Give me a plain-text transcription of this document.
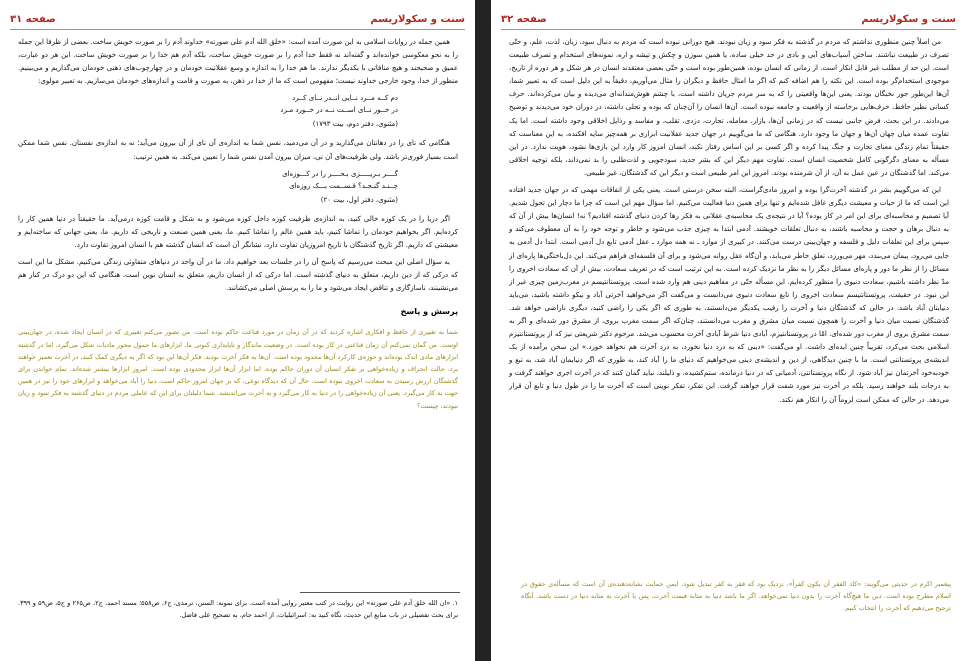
سنت و سکولاریسم
صفحه ۳۱

همین جمله در روایات اسلامی به این صورت آمده است: «خلق الله آدم علی صورته» خداوند آدم را بر صورت خویش ساخت. بعضی از ظرفا این جمله را به نحو معکوسی خوانده‌اند و گفته‌اند نه فقط خدا آدم را بر صورت خویش ساخت، بلکه آدم هم خدا را بر صورت خویش ساخت. این هر دو عبارت، عمیق و صحیحند و هیچ منافاتی با یکدیگر ندارند. ما هم خدا را به اندازه و وسع عقلانیت خودمان و در چهارچوب‌های ذهنی خودمان می‌گذاریم و می‌بینیم. منظور از خدا، وجود خارجی خداوند نیست؛ مفهومی است که ما از خدا در ذهن، به صورت و قامت و اندازه‌های خودمان می‌سازیم. به تعبیر مولوی:

دم کــه مــرد نــایی انــدر نــای کــرد
در خــور نــای اســت نــه در خــورد مـرد
(مثنوی، دفتر دوم، بیت ۱۷۹۳)

هنگامی که نای را در دهانتان می‌گذارید و در آن می‌دمید، نفس شما به اندازه‌ی آن نای از آن بیرون می‌آید؛ نه به اندازه‌ی نفستان. نفس شما ممکن است بسیار فوری‌تر باشد. ولی ظرفیت‌های آن نی، میزان بیرون آمدن نفس شما را تعیین می‌کند. به همین ترتیب:

گــــر بـریـــــزی بـحــــر را در کـــوزه‌ای
چــنـد گنـجـد؟ قـســمت یـــک روزه‌ای
(مثنوی، دفتر اول، بیت ۲۰)

اگر دریا را در یک کوزه خالی کنید، به اندازه‌ی ظرفیت کوزه داخل کوزه می‌شود و به شکل و قامت کوزه درمی‌آید. ما حقیقتاً در دنیا همین کار را کرده‌ایم. اگر بخواهیم خودمان را تماشا کنیم، باید همین عالم را تماشا کنیم. ما، یعنی همین صنعت و تاریخی که داریم. ما، یعنی جهانی که ساخته‌ایم و معیشتی که داریم. اگر تاریخ گذشتگان با تاریخ امروزیان تفاوت دارد، نشانگر آن است که انسان گذشته هم با انسان امروز تفاوت دارد.

به سؤال اصلی این مبحث می‌رسیم که پاسخ آن را در جلسات بعد خواهیم داد. ما در آن واحد در دنیاهای متفاوتی زندگی می‌کنیم. مشکل ما این است که درکی که از دین داریم، متعلق به دنیای گذشته است. اما درکی که از انسان داریم، متعلق به انسان نوین است. هنگامی که این دو درک در کنار هم می‌نشینند، ناسازگاری و تناقض ایجاد می‌شود و ما را به پرسش اصلی می‌کشانند.

پرسش و پاسخ
شما به تغییری از حافظ و افکاری اشاره کردید که در آن زمان در مورد قناعت حاکم بوده است. من تصور می‌کنم تغییری که در انسان ایجاد شده، در جهان‌بینی اوست. من گمان نمی‌کنم آن زمان قناعتی در کار بوده است. در وضعیت ماندگار و ناپایداری کنونی ما، ابزارهای ما حمول محور مادیات شکل می‌گیرد. اما در گذشته ابزارهای مادی اندک بوده‌اند و حوزه‌ی کارکرد آن‌ها محدود بوده است. آن‌ها به فکر آخرت بودند. فکر آن‌ها این بود که اگر به دیگری کمک کنند، در آخرت تعمیر خواهند برد. حالت انحراف و زیاده‌خواهی بر تفکر انسان آن دوران حاکم بوده. اما ابزار آن‌ها ابزار محدودی بوده است. امروز ابزارها بیشتر شده‌اند. تمام خواندن برای گذشتگان ارزش رسیدن به سعادت اخروی نبوده است. حال آن که دیدگاه نوعی، که بر جهان امروز حاکم است، دنیا را آباد می‌خواهد و ابزارهای خود را نیز در همین جهت به کار می‌گیرد. یعنی آن زیاده‌خواهی را در دنیا به کار می‌گیرد و به آخرت می‌اندیشد. شما دلیلتان برای این که عاملی مردم در دنیای گذشته به فکر سود و زیان نبودند، چیست؟
۱. «ان الله خلق آدم علی صورته» این روایت در کتب معتبر روایی آمده است. برای نمونه: السنن، ترمذی، ج۶، ص۵۵۸؛ مسند احمد، ج۲، ص۲۶۵ و ج۵، ص۵۹ و ۳۹۹. برای بحث تفصیلی در باب منابع این حدیث، نگاه کنید به: اسرائیلیات، از احمد جام، به تصحیح علی فاضل.
سنت و سکولاریسم
صفحه ۳۲

من اصلاً چنین منظوری نداشتم که مردم در گذشته به فکر سود و زیان نبودند. هیچ دورانی نبوده است که مردم به دنبال سود، زیان، لذت، علم، و حتّی تصرف در طبیعت نباشند. ساختن آسیاب‌های آبی و بادی در حد خیلی ساده، یا همین سوزن و چکش و تیشه و اره، نمونه‌های استخدام و تصرف طبیعت است. این حد از مطلب غیر قابل انکار است. از زمانی که انسان بوده، همین‌طور بوده است و حتّی بعضی معتقدند انسان در هر شکل و هر دوره از تاریخ، موجودی استخدام‌گر بوده است. این نکته را هم اضافه کنم که اگر ما امثال حافظ و دیگران را مثال می‌آوریم، دقیقاً به این دلیل است که به تعبیر شما، آن‌ها این‌طور جور نخبگان بودند. یعنی این‌ها واقعیتی را که به سر مردم جریان داشته است، با چشم هوش‌مندانه‌ای می‌دیده و بیان می‌کرده‌اند. حرف کسانی نظیر حافظ، حرف‌هایی برخاسته از واقعیت و جامعه نبوده است. آن‌ها انسان را آن‌چنان که بوده و تجلی داشته، در دوران خود می‌دیدند و توضیح می‌دادند. در این بحث، فرض جانبی نیست که در زمانی آن‌ها، بازار، معامله، تجارت، دزدی، تقلب، و مفاسد و رذایل اخلاقی وجود داشته است. اما یک تفاوت عمده میان جهان آن‌ها و جهان ما وجود دارد. هنگامی که ما می‌گوییم در جهان جدید عقلانیت ابزاری بر همه‌چیز سایه افکنده، به این معناست که حقیقتاً تمام زندگی معنای تجارت و جنگ پیدا کرده و اگر کسی بر این اساس رفتار نکند، انسان امروز کار وارد این بازی‌ها نشود، هویت ندارد. در این مسأله به معنای دگرگونی کامل شخصیت انسان است. تفاوت مهم دیگر این که بشر جدید، سودجویی و لذت‌طلبی را بد نمی‌داند، بلکه توجیه اخلاقی می‌کند. اما گذشتگان در عین عمل به آن، از آن شرمنده بودند. امروز این امر طبیعی است و دیگر این که گذشتگان، غیر طبیعی.

این که می‌گوییم بشر در گذشته آخرت‌گرا بوده و امروز مادی‌گراست، البته سخن درستی است. یعنی یکی از اتفاقات مهمی که در جهان جدید افتاده این است که ما از حیات و معیشت دیگری غافل شده‌ایم و تنها برای همین دنیا فعالیت می‌کنیم. اما سؤال مهم این است که چرا ما دچار این تحول شدیم. آیا تصمیم و محاسبه‌ای برای این امر در کار بوده؟ آیا در نتیجه‌ی یک محاسبه‌ی عقلانی به فکر رها کردن دنیای گذشته افتادیم؟ نه! انسان‌ها بیش از آن که به دنبال برهان و حجت و محاسبه باشند، به دنبال تعلقات خویشند. آدمی ابتدا به چیزی جذب می‌شود و خاطر و توجه خود را به آن معطوف می‌کند و سپس برای این تعلقات دلیل و فلسفه و جهان‌بینی درست می‌کنند. در کبیری از موارد ـ نه همه موارد ـ عقل آدمی تابع دل آدمی است. ابتدا دل آدمی به جایی می‌رود، پیمان می‌بندد، مهر می‌ورزد، تعلق خاطر می‌یابد، و آن‌گاه عقل روانه می‌شود و برای آن فلسفه‌ای فراهم می‌کند. این دل‌باختگی‌ها پاره‌ای از مسائل را از نظر ما دور و پاره‌ای مسائل دیگر را به نظر ما نزدیک کرده است. به این ترتیب است که در تعریف سعادت، بیش از آن که سعادت اخروی را مدّ نظر داشته باشیم، سعادت دنیوی را منظور کرده‌ایم. این مسأله حتّی در مفاهیم دینی هم وارد شده است. پروتستانتیسم در مغرب‌زمین چیزی غیر از این نبود. در حقیقت، پروتستانتیسم سعادت اخروی را تابع سعادت دنیوی می‌دانست و می‌گفت اگر می‌خواهید آخرتی آباد و نیکو داشته باشید، می‌باید دنیایتان آباد باشد. در حالی که گذشتگان دنیا و آخرت را رقیب یکدیگر می‌دانستند، به طوری که اگر یکی را راضی کنید، دیگری ناراضی خواهد شد. گذشتگان نسبت میان دنیا و آخرت را همچون نسبت میان مشرق و مغرب می‌دانستند، چنان‌که اگر سمت مغرب بروی، از مشرق دور شده‌ای و اگر به سمت مشرق بروی از مغرب دور شده‌ای. امّا در پروتستانتیزم، آبادی دنیا شرط آبادی آخرت محسوب می‌شد. مرحوم دکتر شریعتی نیز که از پروتستانتیزم اسلامی بحث می‌کرد، تقریباً چنین ایده‌ای داشت. او می‌گفت: «دینی که به درد دنیا نخورد، به درد آخرت هم نخواهد خورد.» این سخن برآمده از یک اندیشه‌ی پروتستانتی است. ما با چنین دیدگاهی، از دین و اندیشه‌ی دینی می‌خواهیم که دنیای ما را آباد کند، به طوری که اگر دنیایمان آباد شد، به تبع و خودبه‌خود آخرتمان نیز آباد شود. از نگاه پروتستانتی، آدمیانی که در دنیا درمانده، ستم‌کشیده، و ذلیلند، نباید گمان کنند که در آخرت اجری خواهند گرفت و به درجات بلند خواهند رسید. بلکه در آخرت نیز مورد شفت قرار خواهند گرفت. این تفکر، تفکر نوینی است که آخرت ما را در طول دنیا و تابع آن قرار می‌دهد. در حالی که ممکن است لزوماً آن را انکار هم نکند.

پیغمبر اکرم در حدیثی می‌گویند: «کاد الفقر أن یکون کفراً»، نزدیک بود که فقر به کفر تبدیل شود. ایمن حمایت نشانه‌دهنده‌ی آن است که مسأله‌ی حقوق در اسلام مطرح بوده است. دین ما هیچ‌گاه آخرت را بدون دنیا نمی‌خواهد. اگر ما باشد دنیا به مثابه قیمت آخرت، پس با آخرت به مثابه دنیا در دست باشد. آنگاه ترجیح می‌دهیم که آخرت را انتخاب کنیم.
